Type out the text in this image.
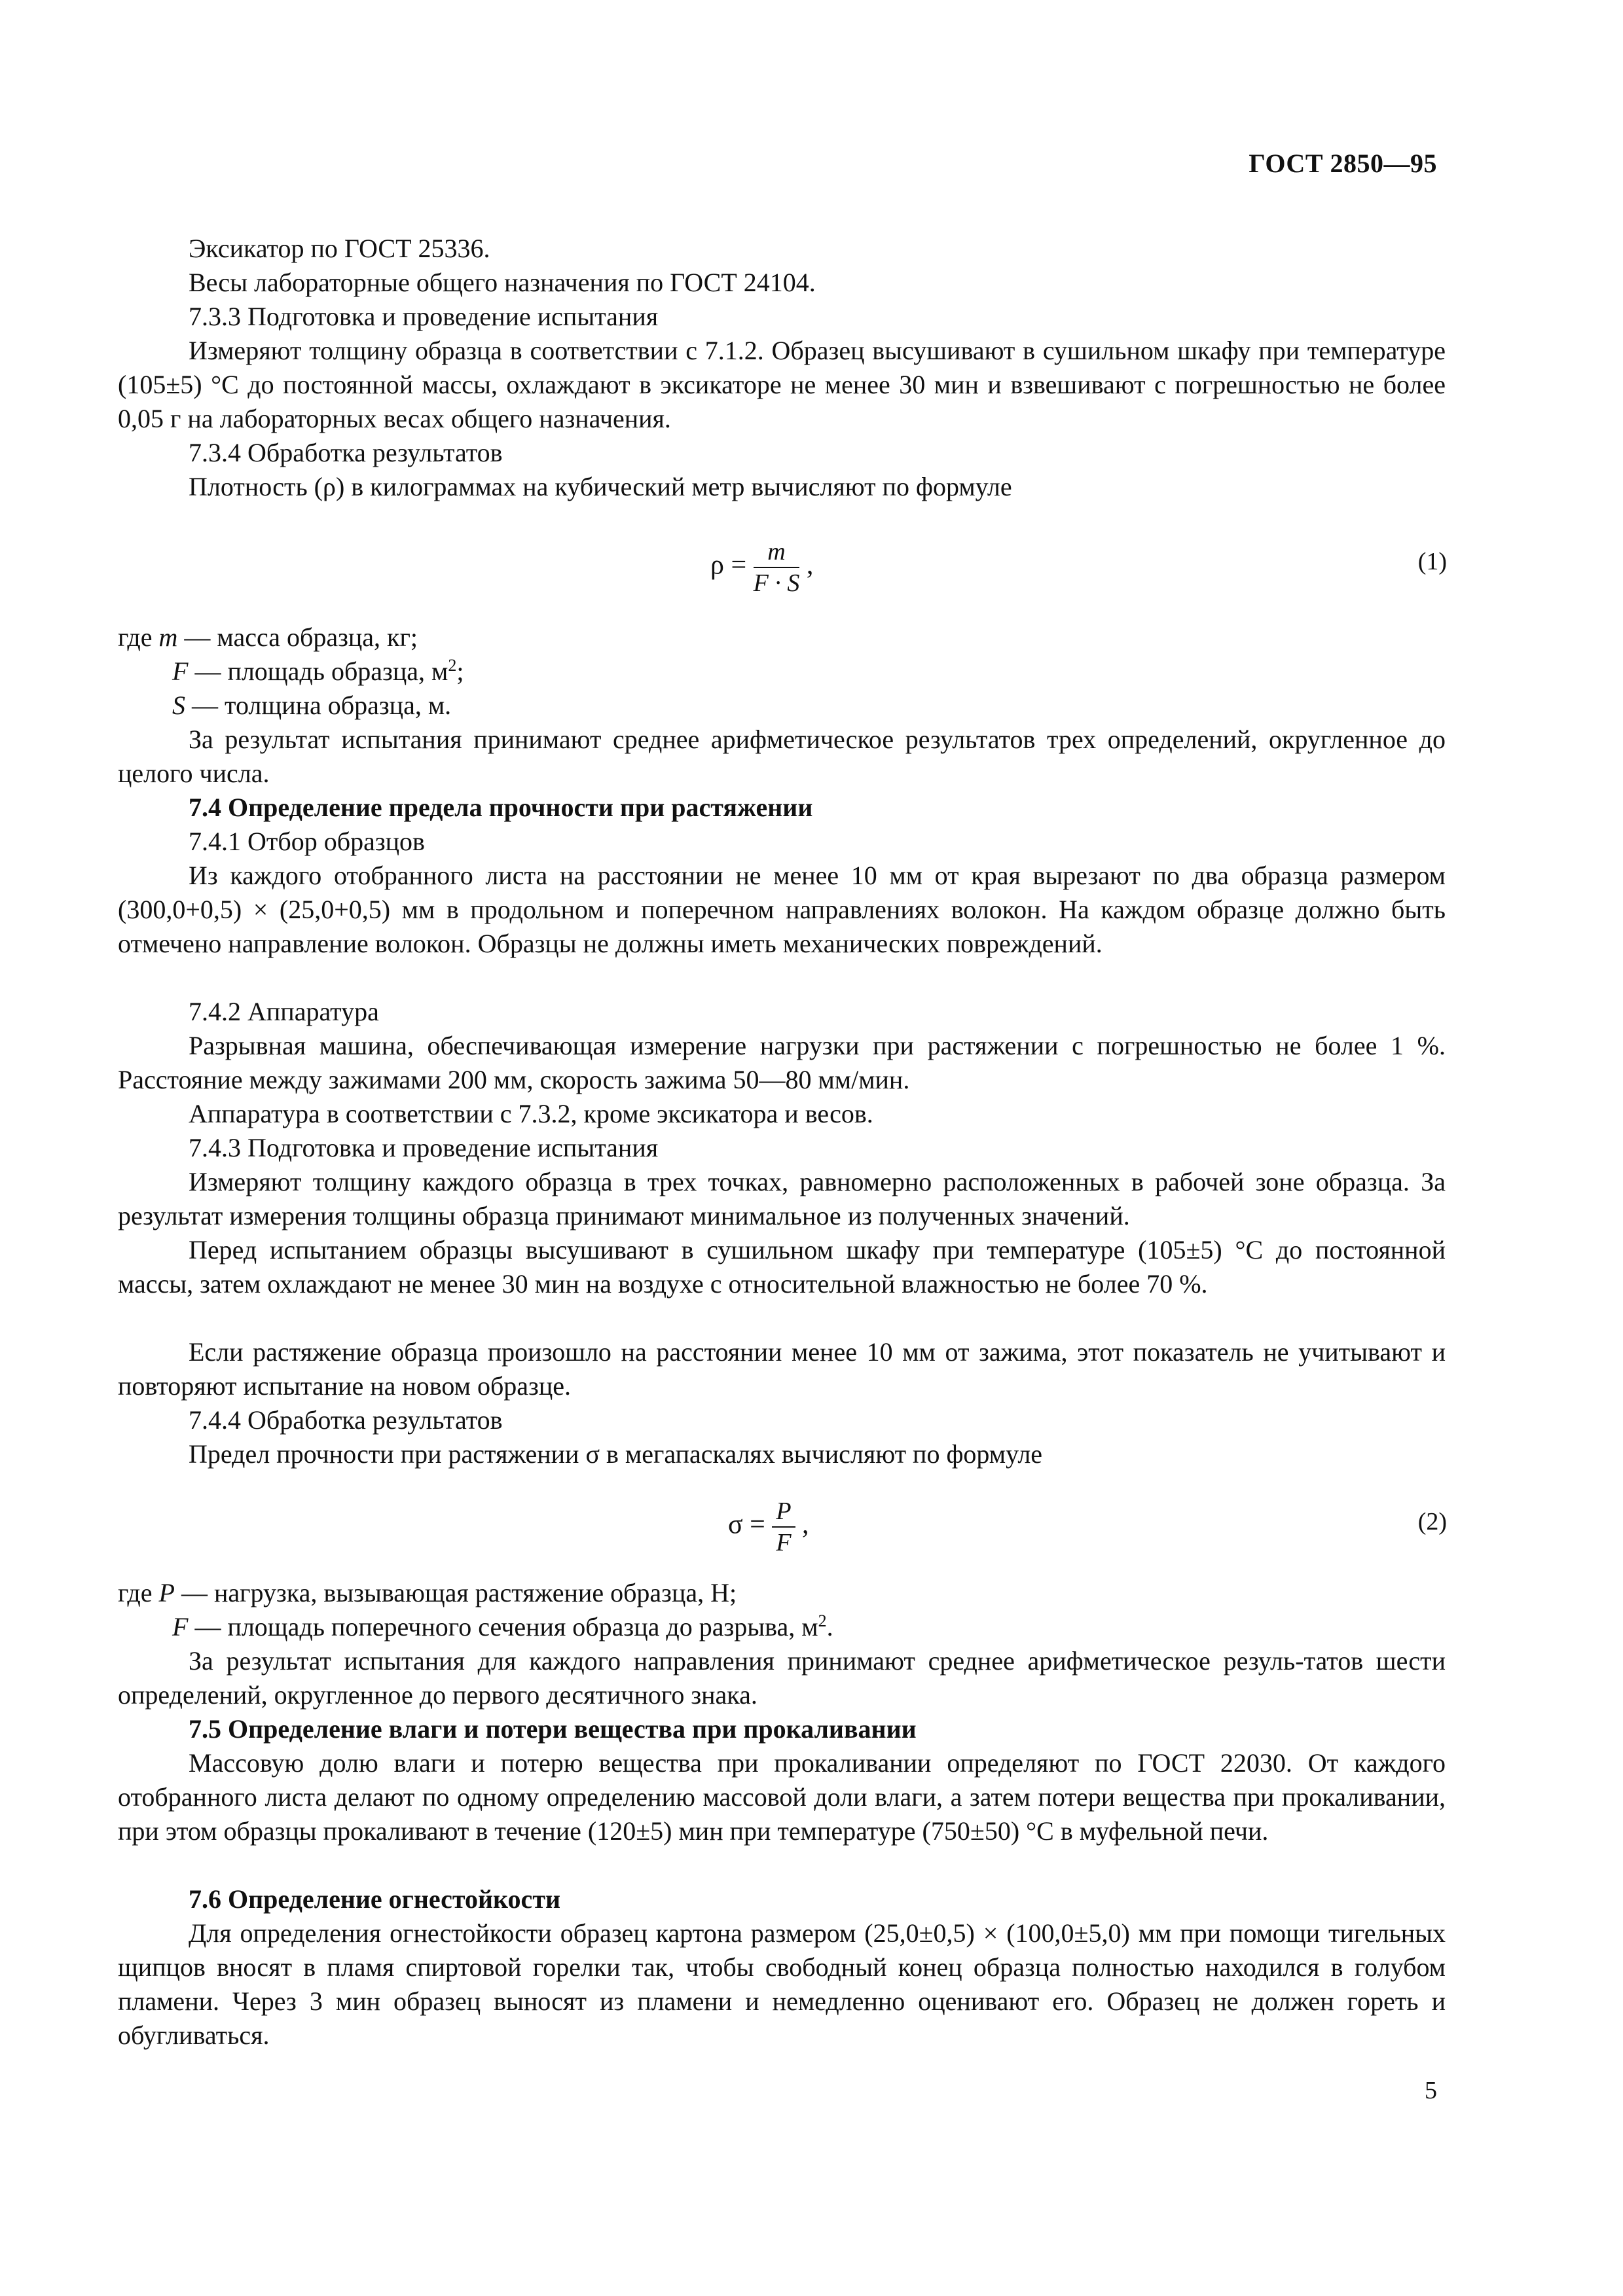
ГОСТ 2850—95
Эксикатор по ГОСТ 25336.
Весы лабораторные общего назначения по ГОСТ 24104.
7.3.3 Подготовка и проведение испытания
Измеряют толщину образца в соответствии с 7.1.2. Образец высушивают в сушильном шкафу при температуре (105±5) °С до постоянной массы, охлаждают в эксикаторе не менее 30 мин и взвешивают с погрешностью не более 0,05 г на лабораторных весах общего назначения.
7.3.4 Обработка результатов
Плотность (ρ) в килограммах на кубический метр вычисляют по формуле
$\rho = \frac{m}{F \cdot S}$ ,	(1)
где m — масса образца, кг;
F — площадь образца, $м^2$;
S — толщина образца, м.
За результат испытания принимают среднее арифметическое результатов трех определений, округленное до целого числа.
7.4 Определение предела прочности при растяжении
7.4.1 Отбор образцов
Из каждого отобранного листа на расстоянии не менее 10 мм от края вырезают по два образца размером (300,0+0,5) × (25,0+0,5) мм в продольном и поперечном направлениях волокон. На каждом образце должно быть отмечено направление волокон. Образцы не должны иметь механических повреждений.
7.4.2 Аппаратура
Разрывная машина, обеспечивающая измерение нагрузки при растяжении с погрешностью не более 1 %. Расстояние между зажимами 200 мм, скорость зажима 50—80 мм/мин.
Аппаратура в соответствии с 7.3.2, кроме эксикатора и весов.
7.4.3 Подготовка и проведение испытания
Измеряют толщину каждого образца в трех точках, равномерно расположенных в рабочей зоне образца. За результат измерения толщины образца принимают минимальное из полученных значений.
Перед испытанием образцы высушивают в сушильном шкафу при температуре (105±5) °С до постоянной массы, затем охлаждают не менее 30 мин на воздухе с относительной влажностью не более 70 %.
Если растяжение образца произошло на расстоянии менее 10 мм от зажима, этот показатель не учитывают и повторяют испытание на новом образце.
7.4.4 Обработка результатов
Предел прочности при растяжении σ в мегапаскалях вычисляют по формуле
$\sigma = \frac{P}{F}$ ,	(2)
где P — нагрузка, вызывающая растяжение образца, Н;
F — площадь поперечного сечения образца до разрыва, $м^2$.
За результат испытания для каждого направления принимают среднее арифметическое резуль-татов шести определений, округленное до первого десятичного знака.
7.5 Определение влаги и потери вещества при прокаливании
Массовую долю влаги и потерю вещества при прокаливании определяют по ГОСТ 22030. От каждого отобранного листа делают по одному определению массовой доли влаги, а затем потери вещества при прокаливании, при этом образцы прокаливают в течение (120±5) мин при температуре (750±50) °С в муфельной печи.
7.6 Определение огнестойкости
Для определения огнестойкости образец картона размером (25,0±0,5) × (100,0±5,0) мм при помощи тигельных щипцов вносят в пламя спиртовой горелки так, чтобы свободный конец образца полностью находился в голубом пламени. Через 3 мин образец выносят из пламени и немедленно оценивают его. Образец не должен гореть и обугливаться.
5
